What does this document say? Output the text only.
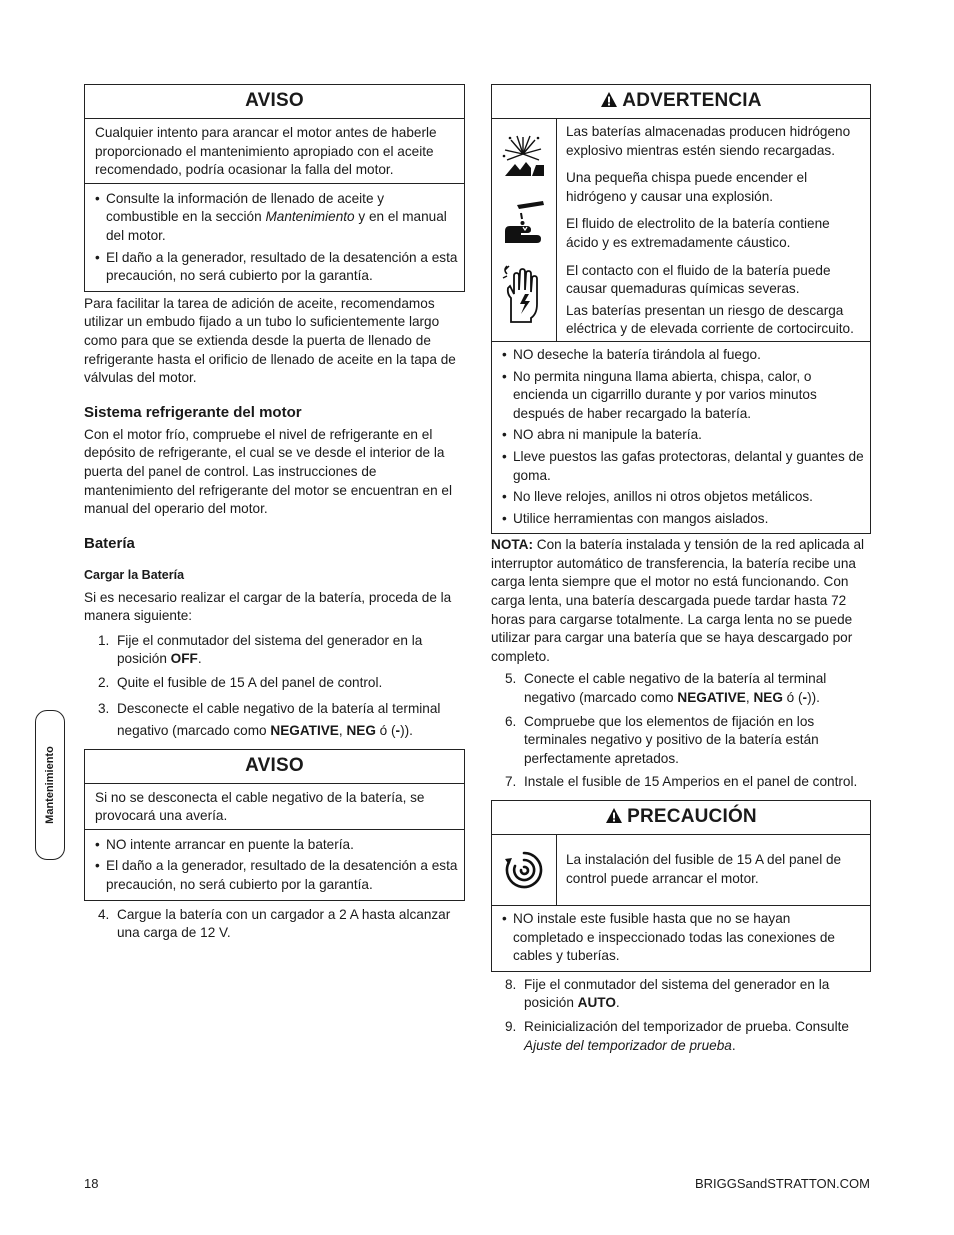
AVISO
Cualquier intento para arancar el motor antes de haberle proporcionado el mantenimiento apropiado con el aceite recomendado, podría ocasionar la falla del motor.
• Consulte la información de llenado de aceite y combustible en la sección Mantenimiento y en el manual del motor.
• El daño a la generador, resultado de la desatención a esta precaución, no será cubierto por la garantía.

Para facilitar la tarea de adición de aceite, recomendamos utilizar un embudo fijado a un tubo lo suficientemente largo como para que se extienda desde la puerta de llenado de refrigerante hasta el orificio de llenado de aceite en la tapa de válvulas del motor.

Sistema refrigerante del motor

Con el motor frío, compruebe el nivel de refrigerante en el depósito de refrigerante, el cual se ve desde el interior de la puerta del panel de control. Las instrucciones de mantenimiento del refrigerante del motor se encuentran en el manual del operario del motor.

Batería
Cargar la Batería

Si es necesario realizar el cargar de la batería, proceda de la manera siguiente:

1. Fije el conmutador del sistema del generador en la posición OFF.
2. Quite el fusible de 15 A del panel de control.
3. Desconecte el cable negativo de la batería al terminal negativo (marcado como NEGATIVE, NEG ó (-)).
AVISO
Si no se desconecta el cable negativo de la batería, se provocará una avería.
• NO intente arrancar en puente la batería.
• El daño a la generador, resultado de la desatención a esta precaución, no será cubierto por la garantía.
4. Cargue la batería con un cargador a 2 A hasta alcanzar una carga de 12 V.
ADVERTENCIA

Las baterías almacenadas producen hidrógeno explosivo mientras estén siendo recargadas.

Una pequeña chispa puede encender el hidrógeno y causar una explosión.

El fluido de electrolito de la batería contiene ácido y es extremadamente cáustico.

El contacto con el fluido de la batería puede causar quemaduras químicas severas.

Las baterías presentan un riesgo de descarga eléctrica y de elevada corriente de cortocircuito.

• NO deseche la batería tirándola al fuego.
• No permita ninguna llama abierta, chispa, calor, o encienda un cigarrillo durante y por varios minutos después de haber recargado la batería.
• NO abra ni manipule la batería.
• Lleve puestos las gafas protectoras, delantal y guantes de goma.
• No lleve relojes, anillos ni otros objetos metálicos.
• Utilice herramientas con mangos aislados.

NOTA: Con la batería instalada y tensión de la red aplicada al interruptor automático de transferencia, la batería recibe una carga lenta siempre que el motor no está funcionando. Con carga lenta, una batería descargada puede tardar hasta 72 horas para cargarse totalmente. La carga lenta no se puede utilizar para cargar una batería que se haya descargado por completo.

5. Conecte el cable negativo de la batería al terminal negativo (marcado como NEGATIVE, NEG ó (-)).
6. Compruebe que los elementos de fijación en los terminales negativo y positivo de la batería están perfectamente apretados.
7. Instale el fusible de 15 Amperios en el panel de control.
PRECAUCIÓN

La instalación del fusible de 15 A del panel de control puede arrancar el motor.

• NO instale este fusible hasta que no se hayan completado e inspeccionado todas las conexiones de cables y tuberías.
8. Fije el conmutador del sistema del generador en la posición AUTO.
9. Reinicialización del temporizador de prueba. Consulte Ajuste del temporizador de prueba.
Mantenimiento
18	BRIGGSandSTRATTON.COM
